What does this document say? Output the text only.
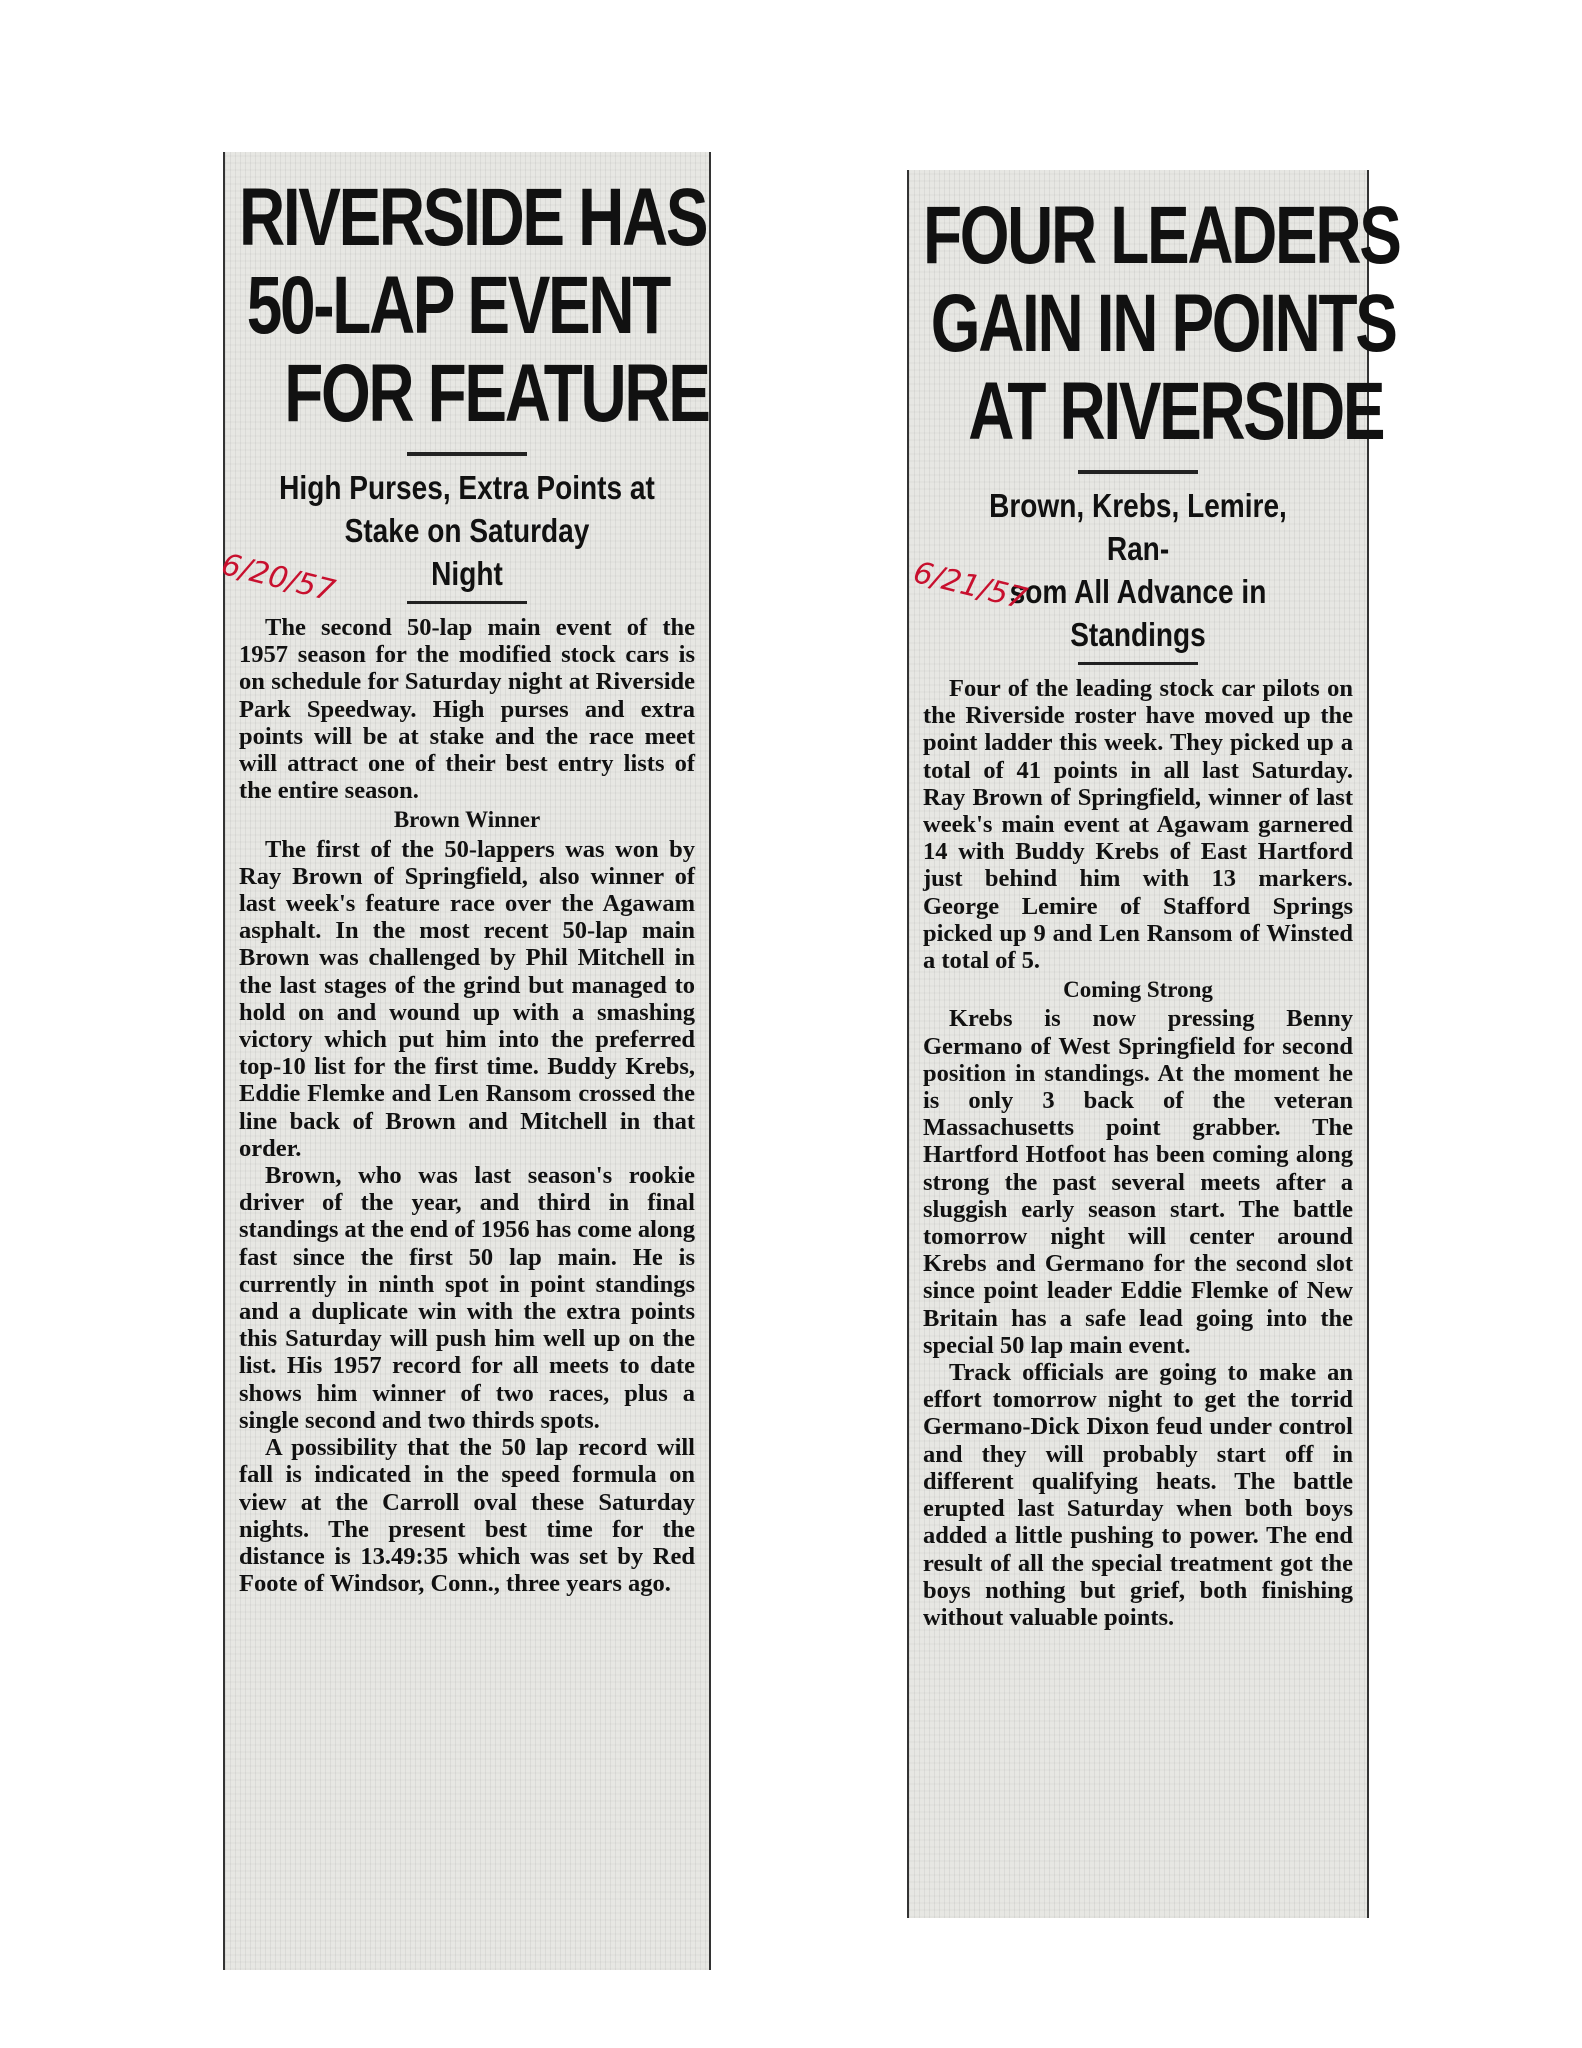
RIVERSIDE HAS
50-LAP EVENT
FOR FEATURE
High Purses, Extra Points at
Stake on Saturday
Night

The second 50-lap main event of the 1957 season for the modified stock cars is on schedule for Saturday night at Riverside Park Speedway. High purses and extra points will be at stake and the race meet will attract one of their best entry lists of the entire season.

Brown Winner

The first of the 50-lappers was won by Ray Brown of Springfield, also winner of last week's feature race over the Agawam asphalt. In the most recent 50-lap main Brown was challenged by Phil Mitchell in the last stages of the grind but managed to hold on and wound up with a smashing victory which put him into the preferred top-10 list for the first time. Buddy Krebs, Eddie Flemke and Len Ransom crossed the line back of Brown and Mitchell in that order.

Brown, who was last season's rookie driver of the year, and third in final standings at the end of 1956 has come along fast since the first 50 lap main. He is currently in ninth spot in point standings and a duplicate win with the extra points this Saturday will push him well up on the list. His 1957 record for all meets to date shows him winner of two races, plus a single second and two thirds spots.

A possibility that the 50 lap record will fall is indicated in the speed formula on view at the Carroll oval these Saturday nights. The present best time for the distance is 13.49:35 which was set by Red Foote of Windsor, Conn., three years ago.

6/20/57
FOUR LEADERS
GAIN IN POINTS
AT RIVERSIDE
Brown, Krebs, Lemire, Ran-
som All Advance in
Standings

Four of the leading stock car pilots on the Riverside roster have moved up the point ladder this week. They picked up a total of 41 points in all last Saturday. Ray Brown of Springfield, winner of last week's main event at Agawam garnered 14 with Buddy Krebs of East Hartford just behind him with 13 markers. George Lemire of Stafford Springs picked up 9 and Len Ransom of Winsted a total of 5.

Coming Strong

Krebs is now pressing Benny Germano of West Springfield for second position in standings. At the moment he is only 3 back of the veteran Massachusetts point grabber. The Hartford Hotfoot has been coming along strong the past several meets after a sluggish early season start. The battle tomorrow night will center around Krebs and Germano for the second slot since point leader Eddie Flemke of New Britain has a safe lead going into the special 50 lap main event.

Track officials are going to make an effort tomorrow night to get the torrid Germano-Dick Dixon feud under control and they will probably start off in different qualifying heats. The battle erupted last Saturday when both boys added a little pushing to power. The end result of all the special treatment got the boys nothing but grief, both finishing without valuable points.

6/21/57
